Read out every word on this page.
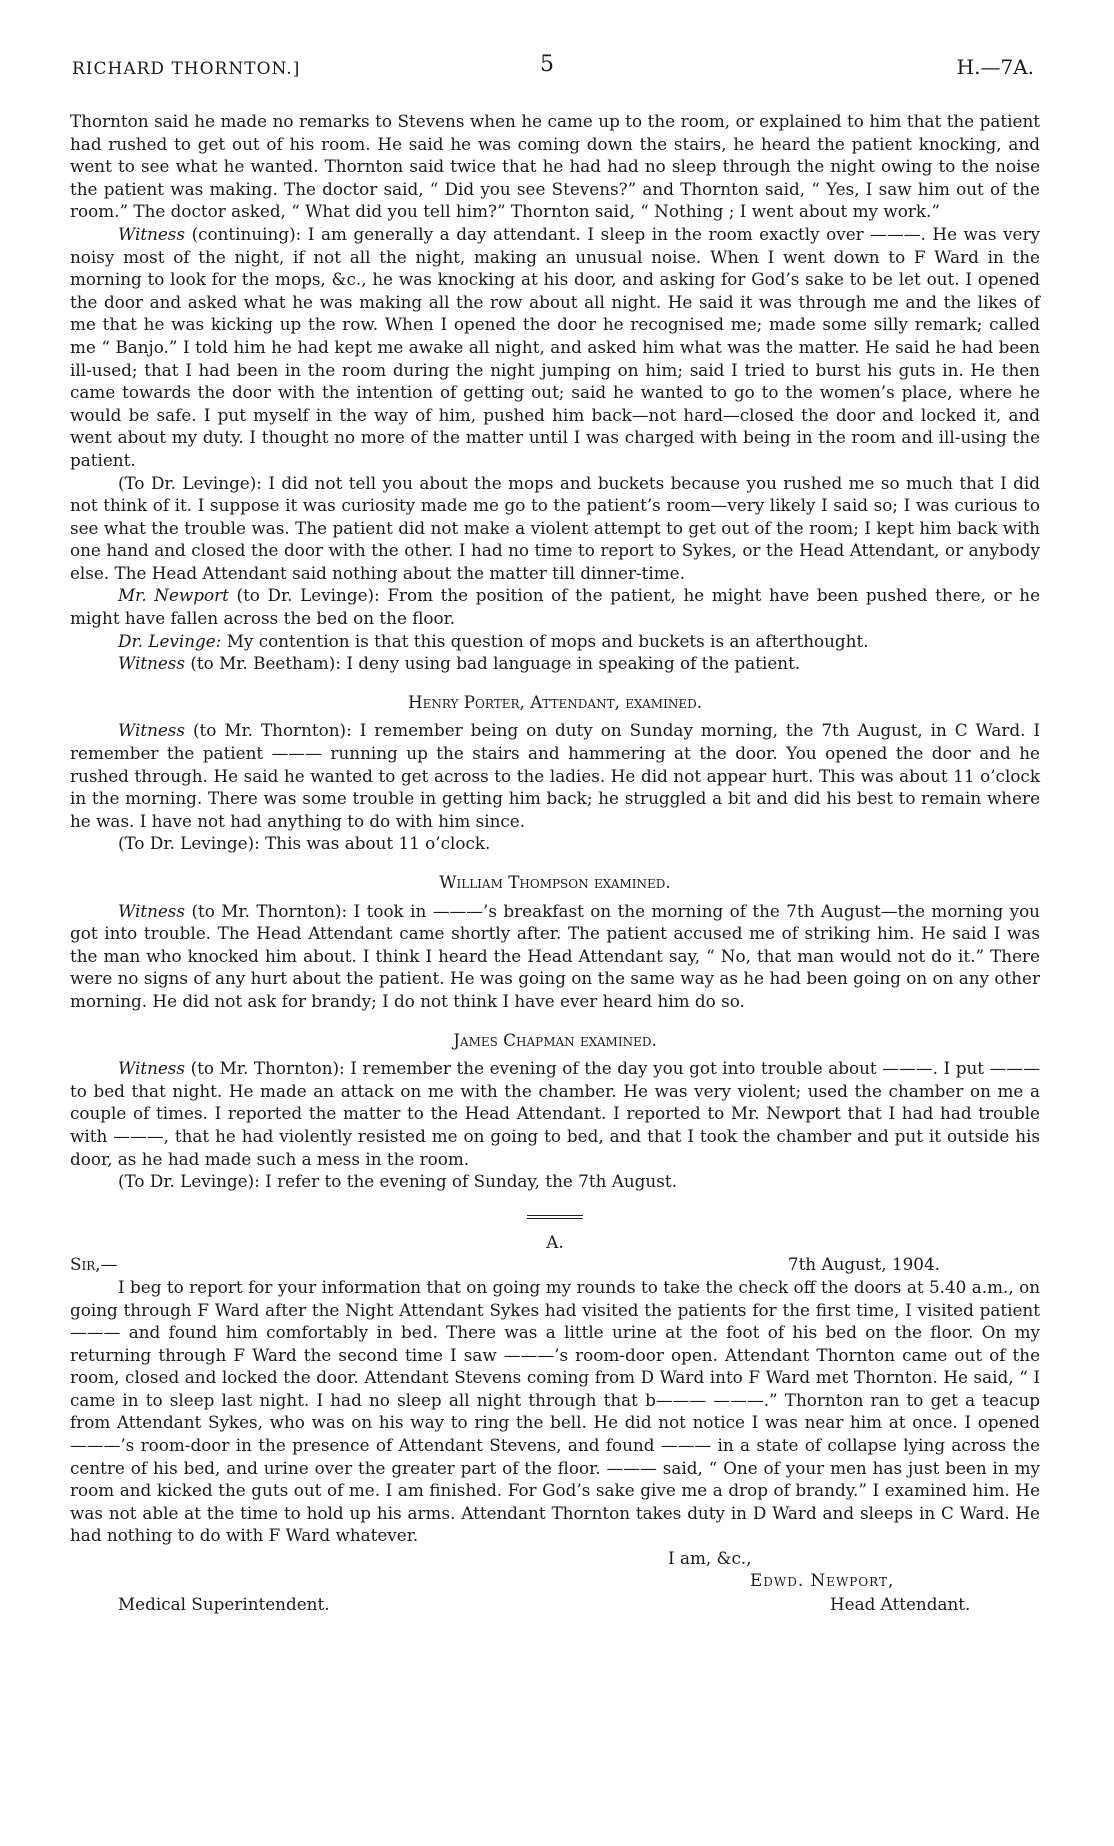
RICHARD THORNTON.]	5	H.—7A.

Thornton said he made no remarks to Stevens when he came up to the room, or explained to him that the patient had rushed to get out of his room. He said he was coming down the stairs, he heard the patient knocking, and went to see what he wanted. Thornton said twice that he had had no sleep through the night owing to the noise the patient was making. The doctor said, “ Did you see Stevens?” and Thornton said, “ Yes, I saw him out of the room.” The doctor asked, “ What did you tell him?” Thornton said, “ Nothing ; I went about my work.”

Witness (continuing): I am generally a day attendant. I sleep in the room exactly over ———. He was very noisy most of the night, if not all the night, making an unusual noise. When I went down to F Ward in the morning to look for the mops, &c., he was knocking at his door, and asking for God’s sake to be let out. I opened the door and asked what he was making all the row about all night. He said it was through me and the likes of me that he was kicking up the row. When I opened the door he recognised me; made some silly remark; called me “ Banjo.” I told him he had kept me awake all night, and asked him what was the matter. He said he had been ill-used; that I had been in the room during the night jumping on him; said I tried to burst his guts in. He then came towards the door with the intention of getting out; said he wanted to go to the women’s place, where he would be safe. I put myself in the way of him, pushed him back—not hard—closed the door and locked it, and went about my duty. I thought no more of the matter until I was charged with being in the room and ill-using the patient.

(To Dr. Levinge): I did not tell you about the mops and buckets because you rushed me so much that I did not think of it. I suppose it was curiosity made me go to the patient’s room—very likely I said so; I was curious to see what the trouble was. The patient did not make a violent attempt to get out of the room; I kept him back with one hand and closed the door with the other. I had no time to report to Sykes, or the Head Attendant, or anybody else. The Head Attendant said nothing about the matter till dinner-time.

Mr. Newport (to Dr. Levinge): From the position of the patient, he might have been pushed there, or he might have fallen across the bed on the floor.

Dr. Levinge: My contention is that this question of mops and buckets is an afterthought.

Witness (to Mr. Beetham): I deny using bad language in speaking of the patient.

Henry Porter, Attendant, examined.

Witness (to Mr. Thornton): I remember being on duty on Sunday morning, the 7th August, in C Ward. I remember the patient ——— running up the stairs and hammering at the door. You opened the door and he rushed through. He said he wanted to get across to the ladies. He did not appear hurt. This was about 11 o’clock in the morning. There was some trouble in getting him back; he struggled a bit and did his best to remain where he was. I have not had anything to do with him since.

(To Dr. Levinge): This was about 11 o’clock.

William Thompson examined.

Witness (to Mr. Thornton): I took in ———’s breakfast on the morning of the 7th August—the morning you got into trouble. The Head Attendant came shortly after. The patient accused me of striking him. He said I was the man who knocked him about. I think I heard the Head Attendant say, “ No, that man would not do it.” There were no signs of any hurt about the patient. He was going on the same way as he had been going on on any other morning. He did not ask for brandy; I do not think I have ever heard him do so.

James Chapman examined.

Witness (to Mr. Thornton): I remember the evening of the day you got into trouble about ———. I put ——— to bed that night. He made an attack on me with the chamber. He was very violent; used the chamber on me a couple of times. I reported the matter to the Head Attendant. I reported to Mr. Newport that I had had trouble with ———, that he had violently resisted me on going to bed, and that I took the chamber and put it outside his door, as he had made such a mess in the room.

(To Dr. Levinge): I refer to the evening of Sunday, the 7th August.

A.
Sir,—	7th August, 1904.

I beg to report for your information that on going my rounds to take the check off the doors at 5.40 a.m., on going through F Ward after the Night Attendant Sykes had visited the patients for the first time, I visited patient ——— and found him comfortably in bed. There was a little urine at the foot of his bed on the floor. On my returning through F Ward the second time I saw ———’s room-door open. Attendant Thornton came out of the room, closed and locked the door. Attendant Stevens coming from D Ward into F Ward met Thornton. He said, “ I came in to sleep last night. I had no sleep all night through that b——— ———.” Thornton ran to get a teacup from Attendant Sykes, who was on his way to ring the bell. He did not notice I was near him at once. I opened ———’s room-door in the presence of Attendant Stevens, and found ——— in a state of collapse lying across the centre of his bed, and urine over the greater part of the floor. ——— said, “ One of your men has just been in my room and kicked the guts out of me. I am finished. For God’s sake give me a drop of brandy.” I examined him. He was not able at the time to hold up his arms. Attendant Thornton takes duty in D Ward and sleeps in C Ward. He had nothing to do with F Ward whatever.

I am, &c.,
Edwd. Newport,
Medical Superintendent.	Head Attendant.
